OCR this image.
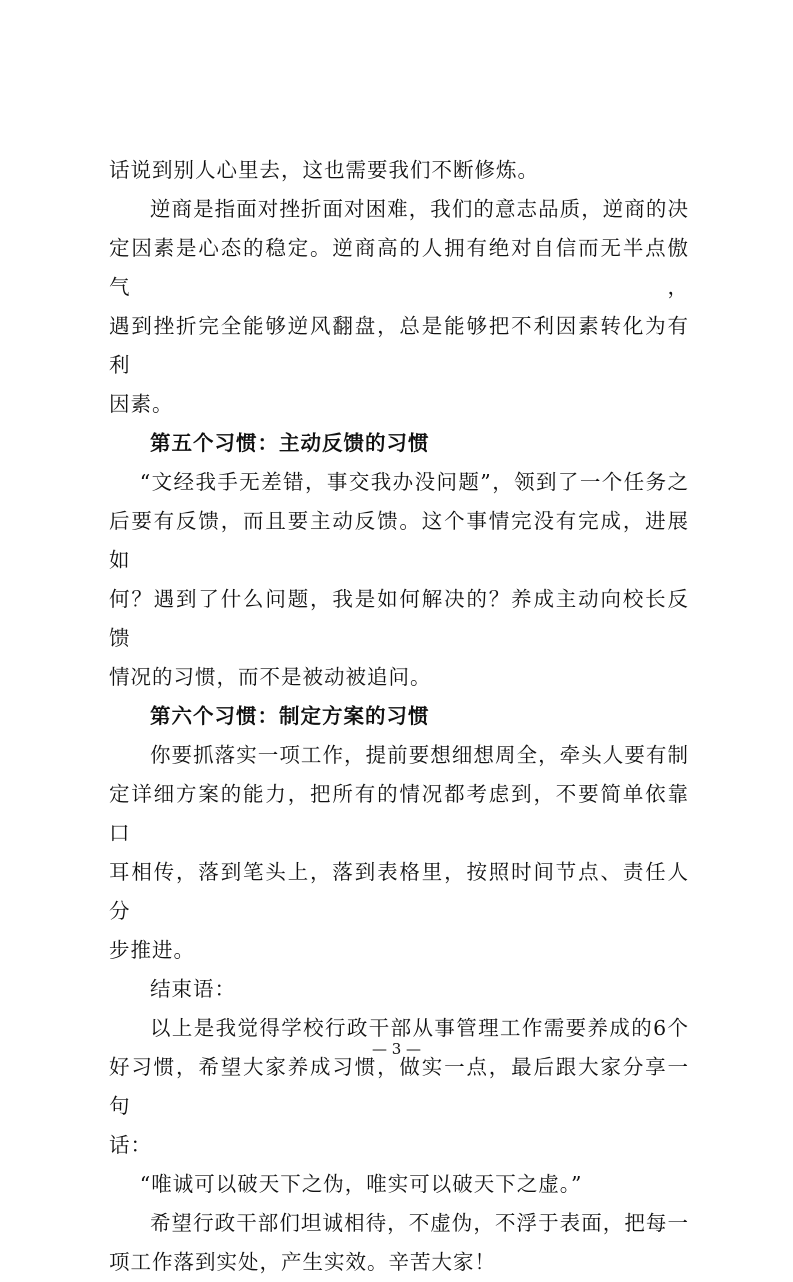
话说到别人心里去，这也需要我们不断修炼。

逆商是指面对挫折面对困难，我们的意志品质，逆商的决
定因素是心态的稳定。逆商高的人拥有绝对自信而无半点傲气，
遇到挫折完全能够逆风翻盘，总是能够把不利因素转化为有利
因素。

第五个习惯：主动反馈的习惯

“文经我手无差错，事交我办没问题”，领到了一个任务之
后要有反馈，而且要主动反馈。这个事情完没有完成，进展如
何？遇到了什么问题，我是如何解决的？养成主动向校长反馈
情况的习惯，而不是被动被追问。

第六个习惯：制定方案的习惯

你要抓落实一项工作，提前要想细想周全，牵头人要有制
定详细方案的能力，把所有的情况都考虑到，不要简单依靠口
耳相传，落到笔头上，落到表格里，按照时间节点、责任人分
步推进。

结束语：

以上是我觉得学校行政干部从事管理工作需要养成的6个
好习惯，希望大家养成习惯，做实一点，最后跟大家分享一句
话：

“唯诚可以破天下之伪，唯实可以破天下之虚。”

希望行政干部们坦诚相待，不虚伪，不浮于表面，把每一
项工作落到实处，产生实效。辛苦大家！

— 3 —
